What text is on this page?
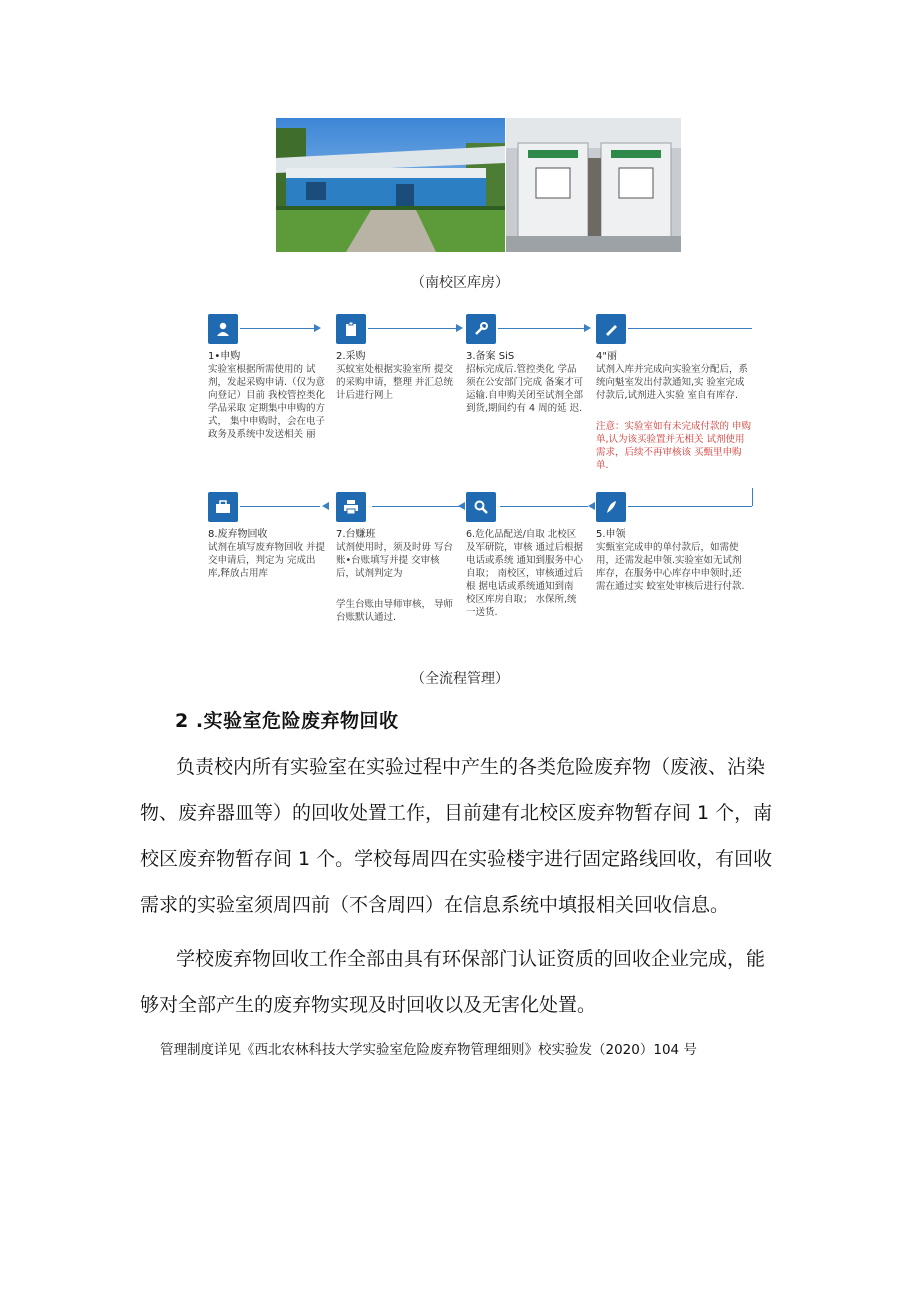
（南校区库房）
1•申购
实验室根据所需使用的 试剂，发起采购申请.（仅为意向登记）目前 我校管控类化学品采取 定期集中申购的方式， 集中申购时，会在电子 政务及系统中发送相关 丽
2.采购
买蚊室处根据实验室所 提交的采购申请，整理 并汇总统计后进行网上
3.备案 SiS
招标完成后.管控类化 学品须在公安部门完成 备案才可运输.自申购关闭至试剂全部 到货,期间约有 4 周的延 迟.
4"丽
试剂入库并完成向实验室分配后，系统向魁室发出付款通知,实 验室完成付款后,试剂进入实验 室自有库存.
注意：实验室如有未完成付款的 申购单,认为该买验置并无相关 试剂使用需求，后续不再审核该 买甄里申购单.
8.废弃物回收
试剂在填写废弃物回收 并提交申请后，判定为 完成出库,释放占用库
7.台赚班
试剂使用时，须及时毋 写台账•台账填写并提 交审核后，试剂判定为
学生台账由导师审核， 导师台账默认通过.
6.危化品配送/自取 北校区及军研院，审核 通过后根据电话或系统 通知到服务中心自取； 南校区，审核通过后根 据电话或系统通知到南 校区库房自取； 水保所,统一送货.
5.申领
实甄室完成申的单付款后，如需使用，还需发起申领.实验室如无试剂库存，在服务中心库存中申领时,还需在通过实 蛟室处审核后进行付款.
（全流程管理）
2 .实验室危险废弃物回收
负责校内所有实验室在实验过程中产生的各类危险废弃物（废液、沾染
物、废弃器皿等）的回收处置工作，目前建有北校区废弃物暂存间 1 个，南
校区废弃物暂存间 1 个。学校每周四在实验楼宇进行固定路线回收，有回收
需求的实验室须周四前（不含周四）在信息系统中填报相关回收信息。
学校废弃物回收工作全部由具有环保部门认证资质的回收企业完成，能
够对全部产生的废弃物实现及时回收以及无害化处置。
管理制度详见《西北农林科技大学实验室危险废弃物管理细则》校实验发（2020）104 号
